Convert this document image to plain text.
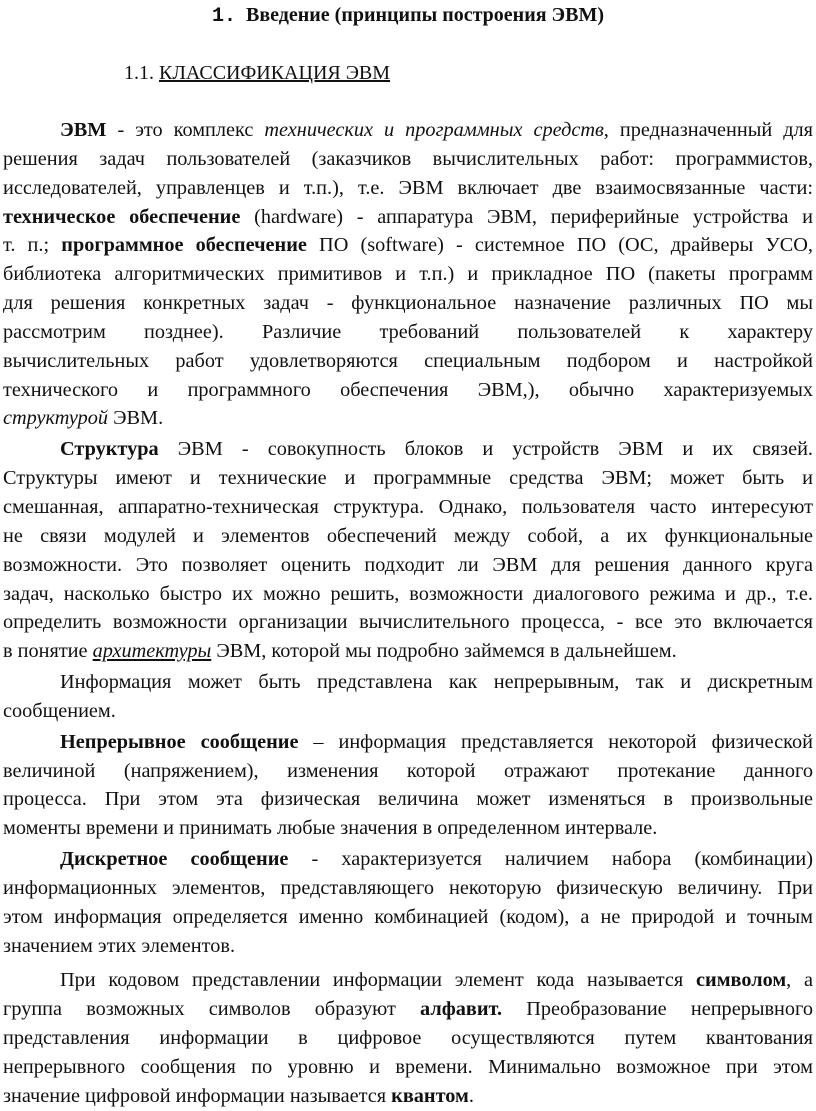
1. Введение (принципы построения ЭВМ)
1.1. КЛАССИФИКАЦИЯ ЭВМ
ЭВМ - это комплекс технических и программных средств, предназначенный для
решения задач пользователей (заказчиков вычислительных работ: программистов,
исследователей, управленцев и т.п.), т.е. ЭВМ включает две взаимосвязанные части:
техническое обеспечение (hardware) - аппаратура ЭВМ, периферийные устройства и
т. п.; программное обеспечение ПО (software) - системное ПО (ОС, драйверы УСО,
библиотека алгоритмических примитивов и т.п.) и прикладное ПО (пакеты программ
для решения конкретных задач - функциональное назначение различных ПО мы
рассмотрим позднее). Различие требований пользователей к характеру
вычислительных работ удовлетворяются специальным подбором и настройкой
технического и программного обеспечения ЭВМ,), обычно характеризуемых
структурой ЭВМ.
Структура ЭВМ - совокупность блоков и устройств ЭВМ и их связей.
Структуры имеют и технические и программные средства ЭВМ; может быть и
смешанная, аппаратно-техническая структура. Однако, пользователя часто интересуют
не связи модулей и элементов обеспечений между собой, а их функциональные
возможности. Это позволяет оценить подходит ли ЭВМ для решения данного круга
задач, насколько быстро их можно решить, возможности диалогового режима и др., т.е.
определить возможности организации вычислительного процесса, - все это включается
в понятие архитектуры ЭВМ, которой мы подробно займемся в дальнейшем.
Информация может быть представлена как непрерывным, так и дискретным
сообщением.
Непрерывное сообщение – информация представляется некоторой физической
величиной (напряжением), изменения которой отражают протекание данного
процесса. При этом эта физическая величина может изменяться в произвольные
моменты времени и принимать любые значения в определенном интервале.
Дискретное сообщение - характеризуется наличием набора (комбинации)
информационных элементов, представляющего некоторую физическую величину. При
этом информация определяется именно комбинацией (кодом), а не природой и точным
значением этих элементов.
При кодовом представлении информации элемент кода называется символом, а
группа возможных символов образуют алфавит. Преобразование непрерывного
представления информации в цифровое осуществляются путем квантования
непрерывного сообщения по уровню и времени. Минимально возможное при этом
значение цифровой информации называется квантом.
